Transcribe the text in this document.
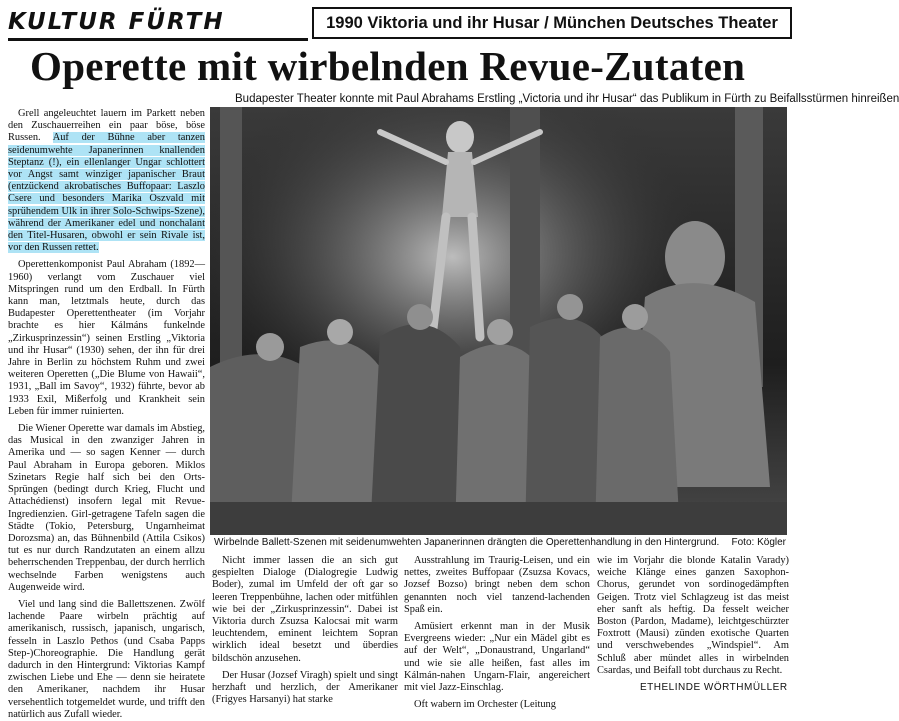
KULTUR FÜRTH	1990 Viktoria und ihr Husar / München Deutsches Theater
Operette mit wirbelnden Revue-Zutaten
Budapester Theater konnte mit Paul Abrahams Erstling „Victoria und ihr Husar“ das Publikum in Fürth zu Beifallsstürmen hinreißen

Grell angeleuchtet lauern im Parkett neben den Zuschauerreihen ein paar böse, böse Russen. Auf der Bühne aber tanzen seidenumwehte Japanerinnen knallenden Steptanz (!), ein ellenlanger Ungar schlottert vor Angst samt winziger japanischer Braut (entzückend akrobatisches Buffopaar: Laszlo Csere und besonders Marika Oszvald mit sprühendem Ulk in ihrer Solo-Schwips-Szene), während der Amerikaner edel und nonchalant den Titel-Husaren, obwohl er sein Rivale ist, vor den Russen rettet.

Operettenkomponist Paul Abraham (1892—1960) verlangt vom Zuschauer viel Mitspringen rund um den Erdball. In Fürth kann man, letztmals heute, durch das Budapester Operettentheater (im Vorjahr brachte es hier Kálmáns funkelnde „Zirkusprinzessin“) seinen Erstling „Viktoria und ihr Husar“ (1930) sehen, der ihn für drei Jahre in Berlin zu höchstem Ruhm und zwei weiteren Operetten („Die Blume von Hawaii“, 1931, „Ball im Savoy“, 1932) führte, bevor ab 1933 Exil, Mißerfolg und Krankheit sein Leben für immer ruinierten.

Die Wiener Operette war damals im Abstieg, das Musical in den zwanziger Jahren in Amerika und — so sagen Kenner — durch Paul Abraham in Europa geboren. Miklos Szinetars Regie half sich bei den Orts-Sprüngen (bedingt durch Krieg, Flucht und Attachédienst) insofern legal mit Revue-Ingredienzien. Girl-getragene Tafeln sagen die Städte (Tokio, Petersburg, Ungarnheimat Dorozsma) an, das Bühnenbild (Attila Csikos) tut es nur durch Randzutaten an einem allzu beherrschenden Treppenbau, der durch herrlich wechselnde Farben wenigstens auch Augenweide wird.

Viel und lang sind die Ballettszenen. Zwölf lachende Paare wirbeln prächtig auf amerikanisch, russisch, japanisch, ungarisch, fesseln in Laszlo Pethos (und Csaba Papps Step-)Choreographie. Die Handlung gerät dadurch in den Hintergrund: Viktorias Kampf zwischen Liebe und Ehe — denn sie heiratete den Amerikaner, nachdem ihr Husar versehentlich totgemeldet wurde, und trifft den natürlich aus Zufall wieder.

Wirbelnde Ballett-Szenen mit seidenumwehten Japanerinnen drängten die Operettenhandlung in den Hintergrund. Foto: Kögler

Nicht immer lassen die an sich gut gespielten Dialoge (Dialogregie Ludwig Boder), zumal im Umfeld der oft gar so leeren Treppenbühne, lachen oder mitfühlen wie bei der „Zirkusprinzessin“. Dabei ist Viktoria durch Zsuzsa Kalocsai mit warm leuchtendem, eminent leichtem Sopran wirklich ideal besetzt und überdies bildschön anzusehen.

Der Husar (Jozsef Viragh) spielt und singt herzhaft und herzlich, der Amerikaner (Frigyes Harsanyi) hat starke

Ausstrahlung im Traurig-Leisen, und ein nettes, zweites Buffopaar (Zsuzsa Kovacs, Jozsef Bozso) bringt neben dem schon genannten noch viel tanzend-lachenden Spaß ein.

Amüsiert erkennt man in der Musik Evergreens wieder: „Nur ein Mädel gibt es auf der Welt“, „Donaustrand, Ungarland“ und wie sie alle heißen, fast alles im Kálmán-nahen Ungarn-Flair, angereichert mit viel Jazz-Einschlag.

Oft wabern im Orchester (Leitung

wie im Vorjahr die blonde Katalin Varady) weiche Klänge eines ganzen Saxophon-Chorus, gerundet von sordinogedämpften Geigen. Trotz viel Schlagzeug ist das meist eher sanft als heftig. Da fesselt weicher Boston (Pardon, Madame), leichtgeschürzter Foxtrott (Mausi) zünden exotische Quarten und verschwebendes „Windspiel“. Am Schluß aber mündet alles in wirbelnden Csardas, und Beifall tobt durchaus zu Recht.

ETHELINDE WÖRTHMÜLLER
